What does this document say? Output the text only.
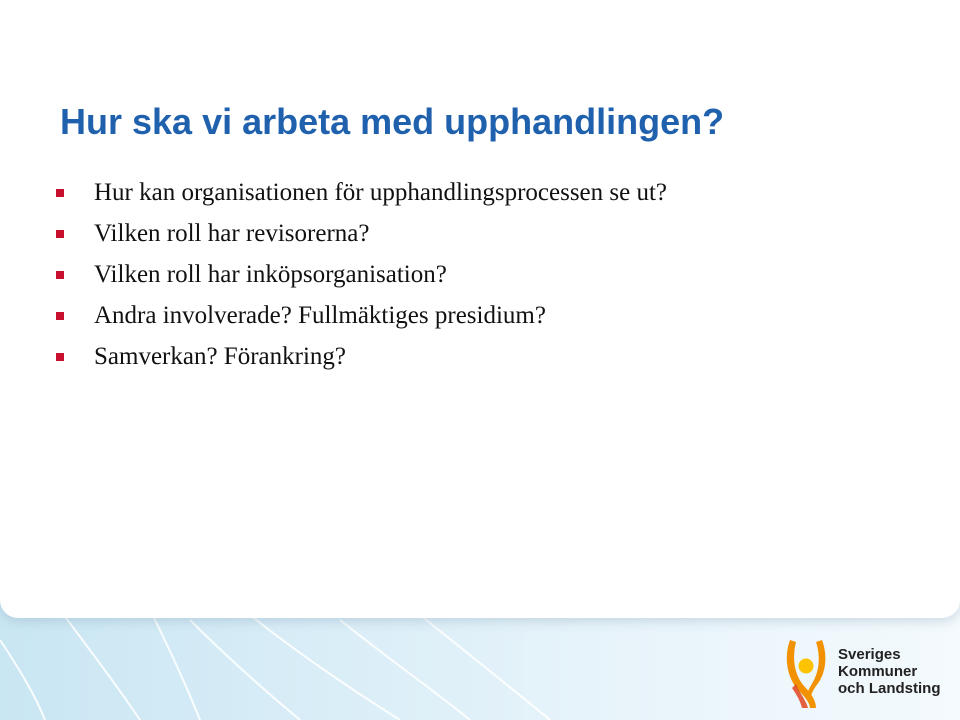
Hur ska vi arbeta med upphandlingen?
Hur kan organisationen för upphandlingsprocessen se ut?
Vilken roll har revisorerna?
Vilken roll har inköpsorganisation?
Andra involverade? Fullmäktiges presidium?
Samverkan? Förankring?
Sveriges
Kommuner
och Landsting
